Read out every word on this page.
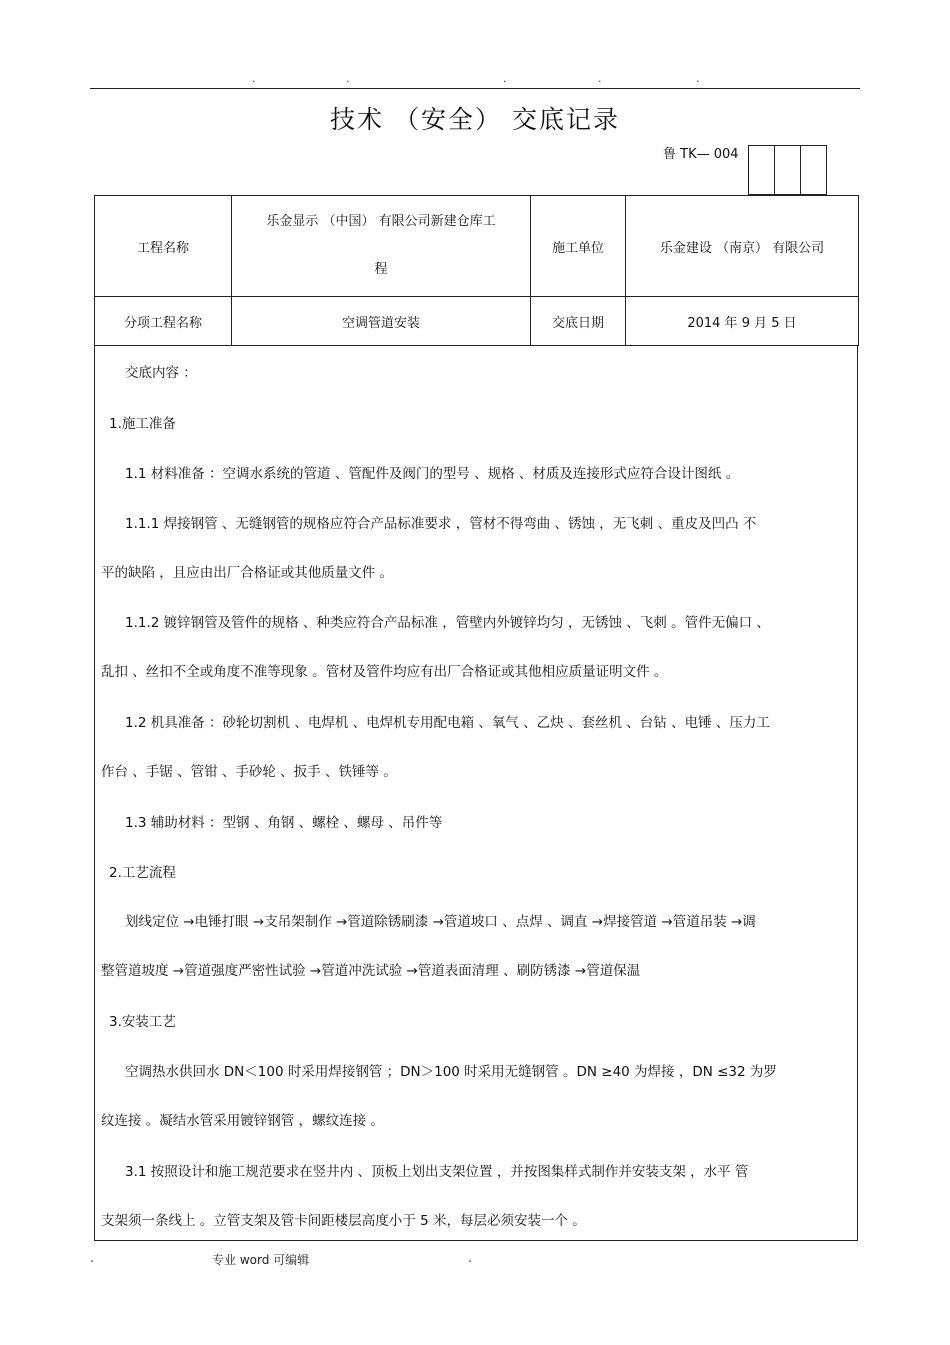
.	.	.	.	.
技术 （安全） 交底记录
鲁 TK— 004
工程名称	乐金显示 （中国） 有限公司新建仓库工程	施工单位	乐金建设 （南京） 有限公司
分项工程名称	空调管道安装	交底日期	2014 年 9 月 5 日
交底内容 ：
1.施工准备
1.1 材料准备 ：空调水系统的管道 、管配件及阀门的型号 、规格 、材质及连接形式应符合设计图纸 。
1.1.1 焊接钢管 、无缝钢管的规格应符合产品标准要求 ，管材不得弯曲 、锈蚀 ，无飞刺 、重皮及凹凸 不
平的缺陷 ，且应由出厂合格证或其他质量文件 。
1.1.2 镀锌钢管及管件的规格 、种类应符合产品标准 ，管壁内外镀锌均匀 ，无锈蚀 、飞刺 。管件无偏口 、
乱扣 、丝扣不全或角度不准等现象 。管材及管件均应有出厂合格证或其他相应质量证明文件 。
1.2 机具准备 ：砂轮切割机 、电焊机 、电焊机专用配电箱 、氧气 、乙炔 、套丝机 、台钻 、电锤 、压力工
作台 、手锯 、管钳 、手砂轮 、扳手 、铁锤等 。
1.3 辅助材料 ：型钢 、角钢 、螺栓 、螺母 、吊件等
2.工艺流程
划线定位 →电锤打眼 →支吊架制作 →管道除锈刷漆 →管道坡口 、点焊 、调直 →焊接管道 →管道吊装 →调
整管道坡度 →管道强度严密性试验 →管道冲洗试验 →管道表面清理 、刷防锈漆 →管道保温
3.安装工艺
空调热水供回水 DN＜100 时采用焊接钢管 ；DN＞100 时采用无缝钢管 。DN ≥40 为焊接 ，DN ≤32 为罗
纹连接 。凝结水管采用镀锌钢管 ，螺纹连接 。
3.1 按照设计和施工规范要求在竖井内 、顶板上划出支架位置 ，并按图集样式制作并安装支架 ，水平 管
支架须一条线上 。立管支架及管卡间距楼层高度小于 5 米，每层必须安装一个 。
.	专业 word 可编辑	.
